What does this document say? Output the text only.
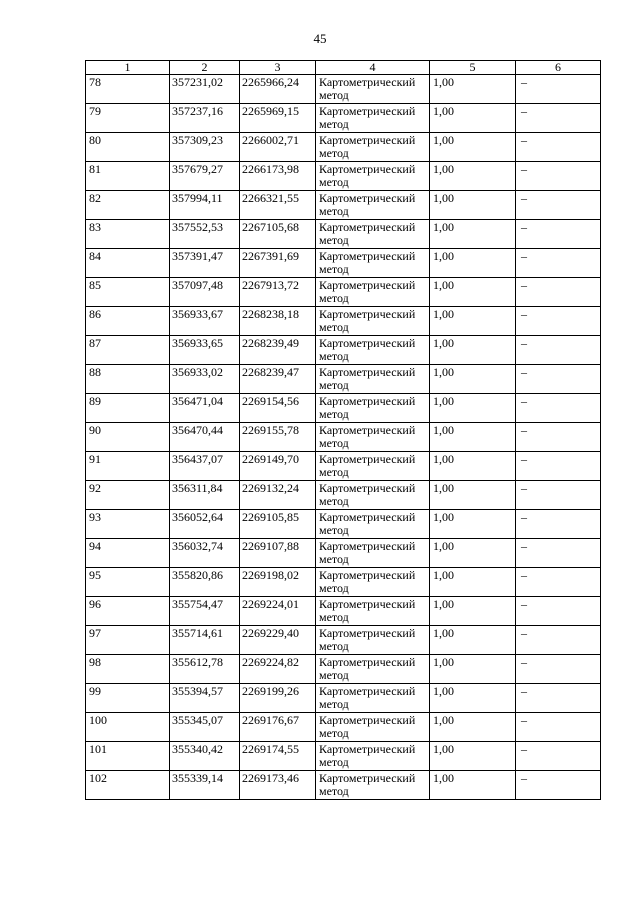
45
1	2	3	4	5	6
78	357231,02	2265966,24	Картометрический метод	1,00	–
79	357237,16	2265969,15	Картометрический метод	1,00	–
80	357309,23	2266002,71	Картометрический метод	1,00	–
81	357679,27	2266173,98	Картометрический метод	1,00	–
82	357994,11	2266321,55	Картометрический метод	1,00	–
83	357552,53	2267105,68	Картометрический метод	1,00	–
84	357391,47	2267391,69	Картометрический метод	1,00	–
85	357097,48	2267913,72	Картометрический метод	1,00	–
86	356933,67	2268238,18	Картометрический метод	1,00	–
87	356933,65	2268239,49	Картометрический метод	1,00	–
88	356933,02	2268239,47	Картометрический метод	1,00	–
89	356471,04	2269154,56	Картометрический метод	1,00	–
90	356470,44	2269155,78	Картометрический метод	1,00	–
91	356437,07	2269149,70	Картометрический метод	1,00	–
92	356311,84	2269132,24	Картометрический метод	1,00	–
93	356052,64	2269105,85	Картометрический метод	1,00	–
94	356032,74	2269107,88	Картометрический метод	1,00	–
95	355820,86	2269198,02	Картометрический метод	1,00	–
96	355754,47	2269224,01	Картометрический метод	1,00	–
97	355714,61	2269229,40	Картометрический метод	1,00	–
98	355612,78	2269224,82	Картометрический метод	1,00	–
99	355394,57	2269199,26	Картометрический метод	1,00	–
100	355345,07	2269176,67	Картометрический метод	1,00	–
101	355340,42	2269174,55	Картометрический метод	1,00	–
102	355339,14	2269173,46	Картометрический метод	1,00	–
